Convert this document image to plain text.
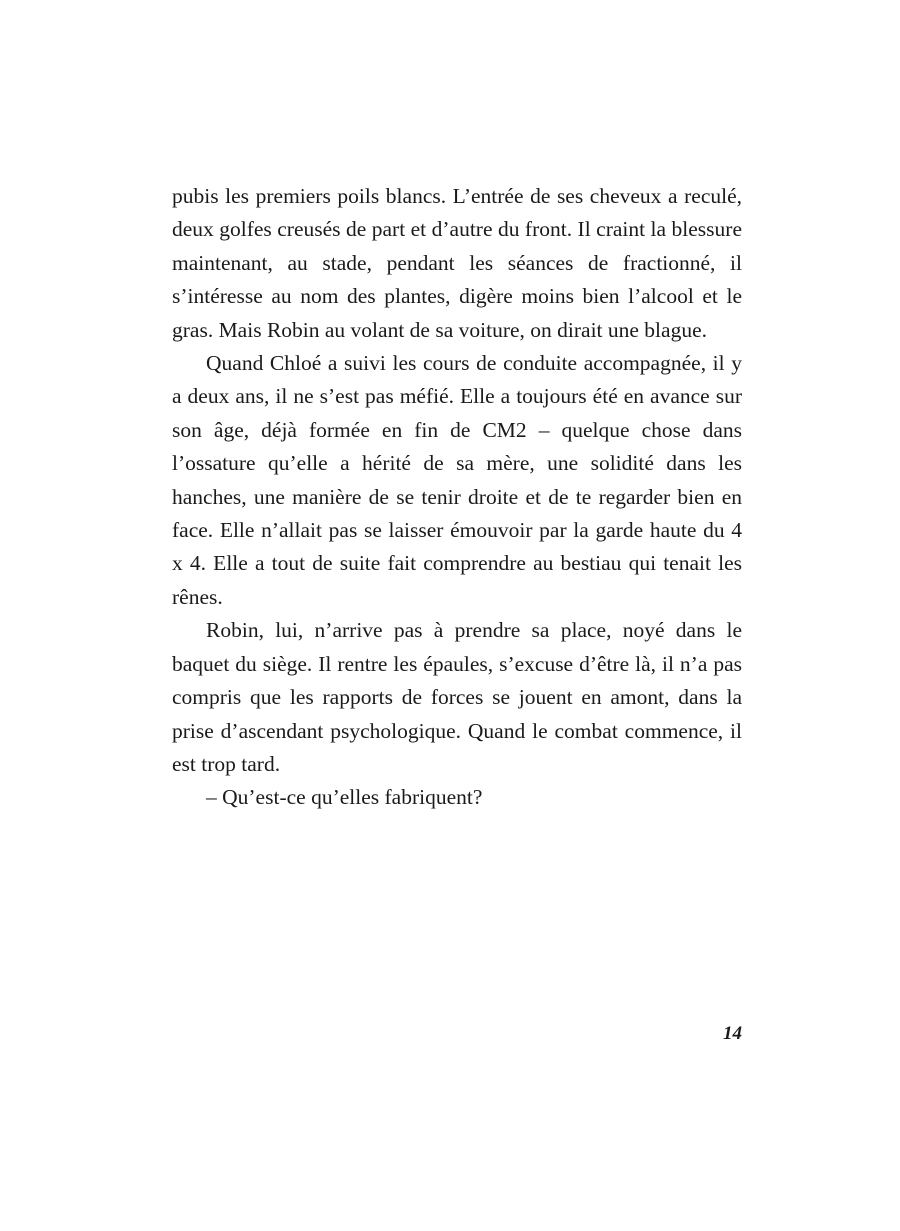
pubis les premiers poils blancs. L’entrée de ses cheveux a reculé, deux golfes creusés de part et d’autre du front. Il craint la blessure maintenant, au stade, pendant les séances de fractionné, il s’intéresse au nom des plantes, digère moins bien l’alcool et le gras. Mais Robin au volant de sa voiture, on dirait une blague.

Quand Chloé a suivi les cours de conduite accompagnée, il y a deux ans, il ne s’est pas méfié. Elle a toujours été en avance sur son âge, déjà formée en fin de CM2 – quelque chose dans l’ossature qu’elle a hérité de sa mère, une solidité dans les hanches, une manière de se tenir droite et de te regarder bien en face. Elle n’allait pas se laisser émouvoir par la garde haute du 4 x 4. Elle a tout de suite fait comprendre au bestiau qui tenait les rênes.

Robin, lui, n’arrive pas à prendre sa place, noyé dans le baquet du siège. Il rentre les épaules, s’excuse d’être là, il n’a pas compris que les rapports de forces se jouent en amont, dans la prise d’ascendant psychologique. Quand le combat commence, il est trop tard.

– Qu’est-ce qu’elles fabriquent?

14
